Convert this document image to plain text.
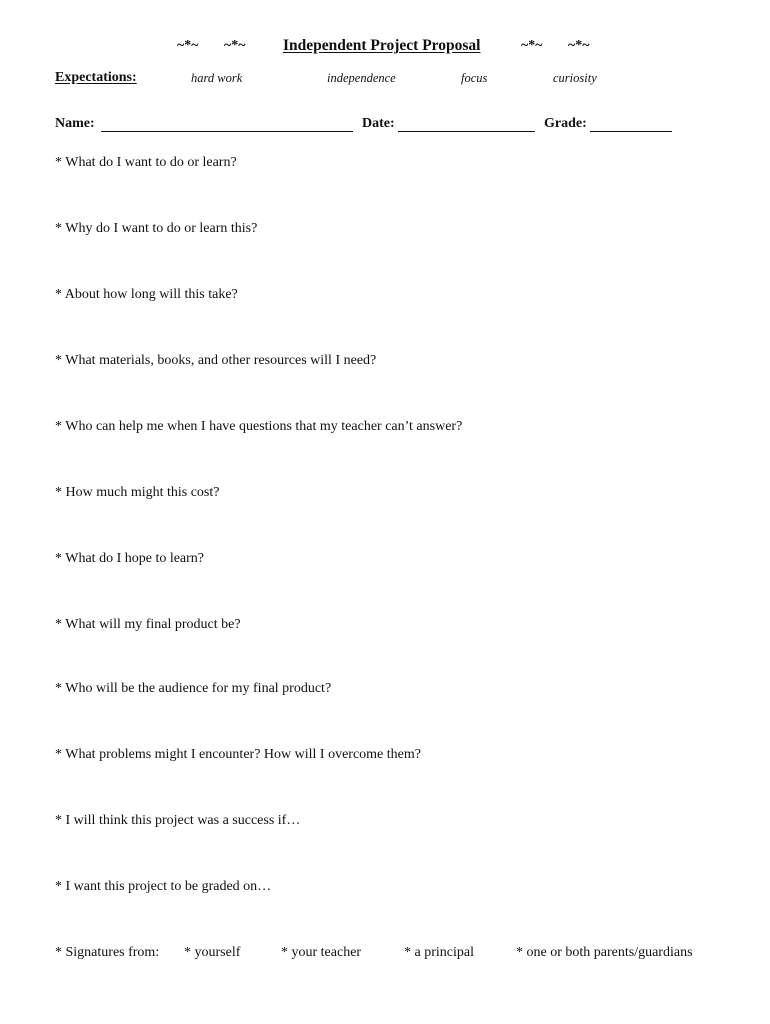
~*~ ~*~ Independent Project Proposal	~*~ ~*~
Expectations:	hard work	independence	focus	curiosity
Name:	Date:	Grade:
* What do I want to do or learn?
* Why do I want to do or learn this?
* About how long will this take?
* What materials, books, and other resources will I need?
* Who can help me when I have questions that my teacher can’t answer?
* How much might this cost?
* What do I hope to learn?
* What will my final product be?
* Who will be the audience for my final product?
* What problems might I encounter? How will I overcome them?
* I will think this project was a success if…
* I want this project to be graded on…
* Signatures from: * yourself	* your teacher	* a principal	* one or both parents/guardians
